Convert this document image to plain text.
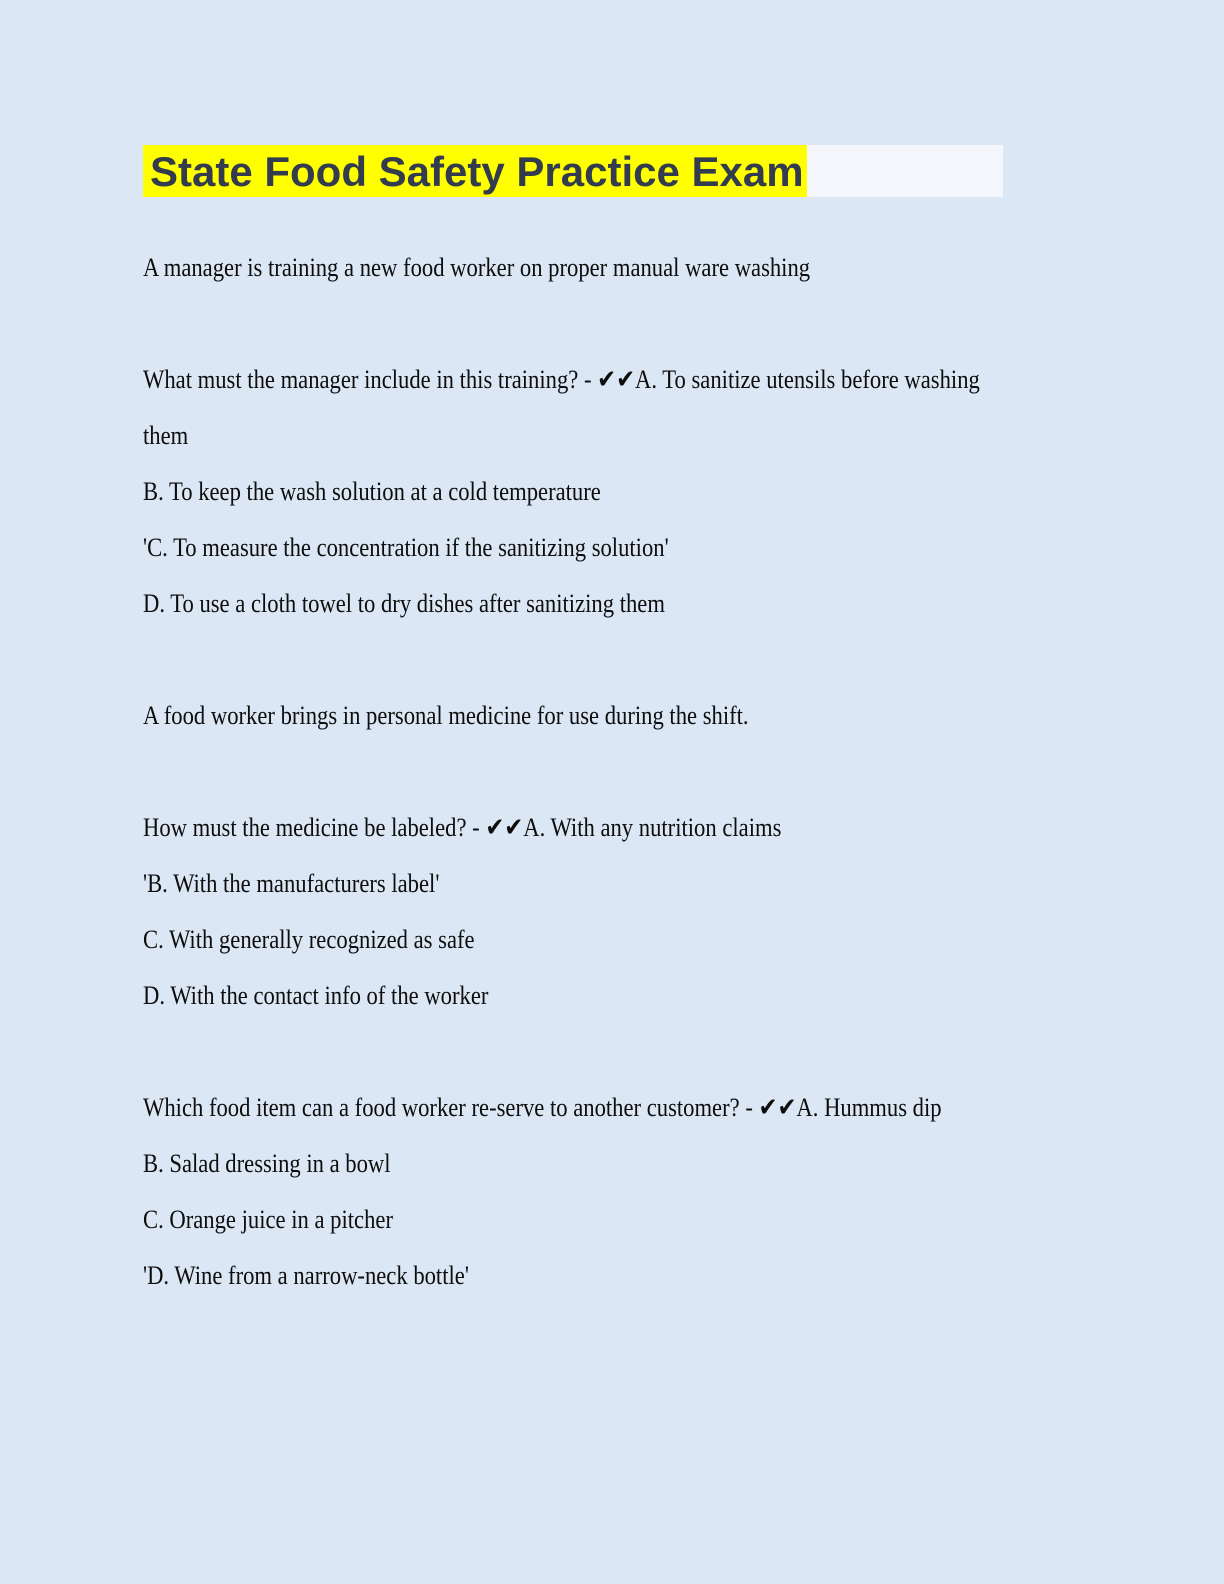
State Food Safety Practice Exam
A manager is training a new food worker on proper manual ware washing
What must the manager include in this training? - ✔✔A. To sanitize utensils before washing
them
B. To keep the wash solution at a cold temperature
'C. To measure the concentration if the sanitizing solution'
D. To use a cloth towel to dry dishes after sanitizing them
A food worker brings in personal medicine for use during the shift.
How must the medicine be labeled? - ✔✔A. With any nutrition claims
'B. With the manufacturers label'
C. With generally recognized as safe
D. With the contact info of the worker
Which food item can a food worker re-serve to another customer? - ✔✔A. Hummus dip
B. Salad dressing in a bowl
C. Orange juice in a pitcher
'D. Wine from a narrow-neck bottle'
